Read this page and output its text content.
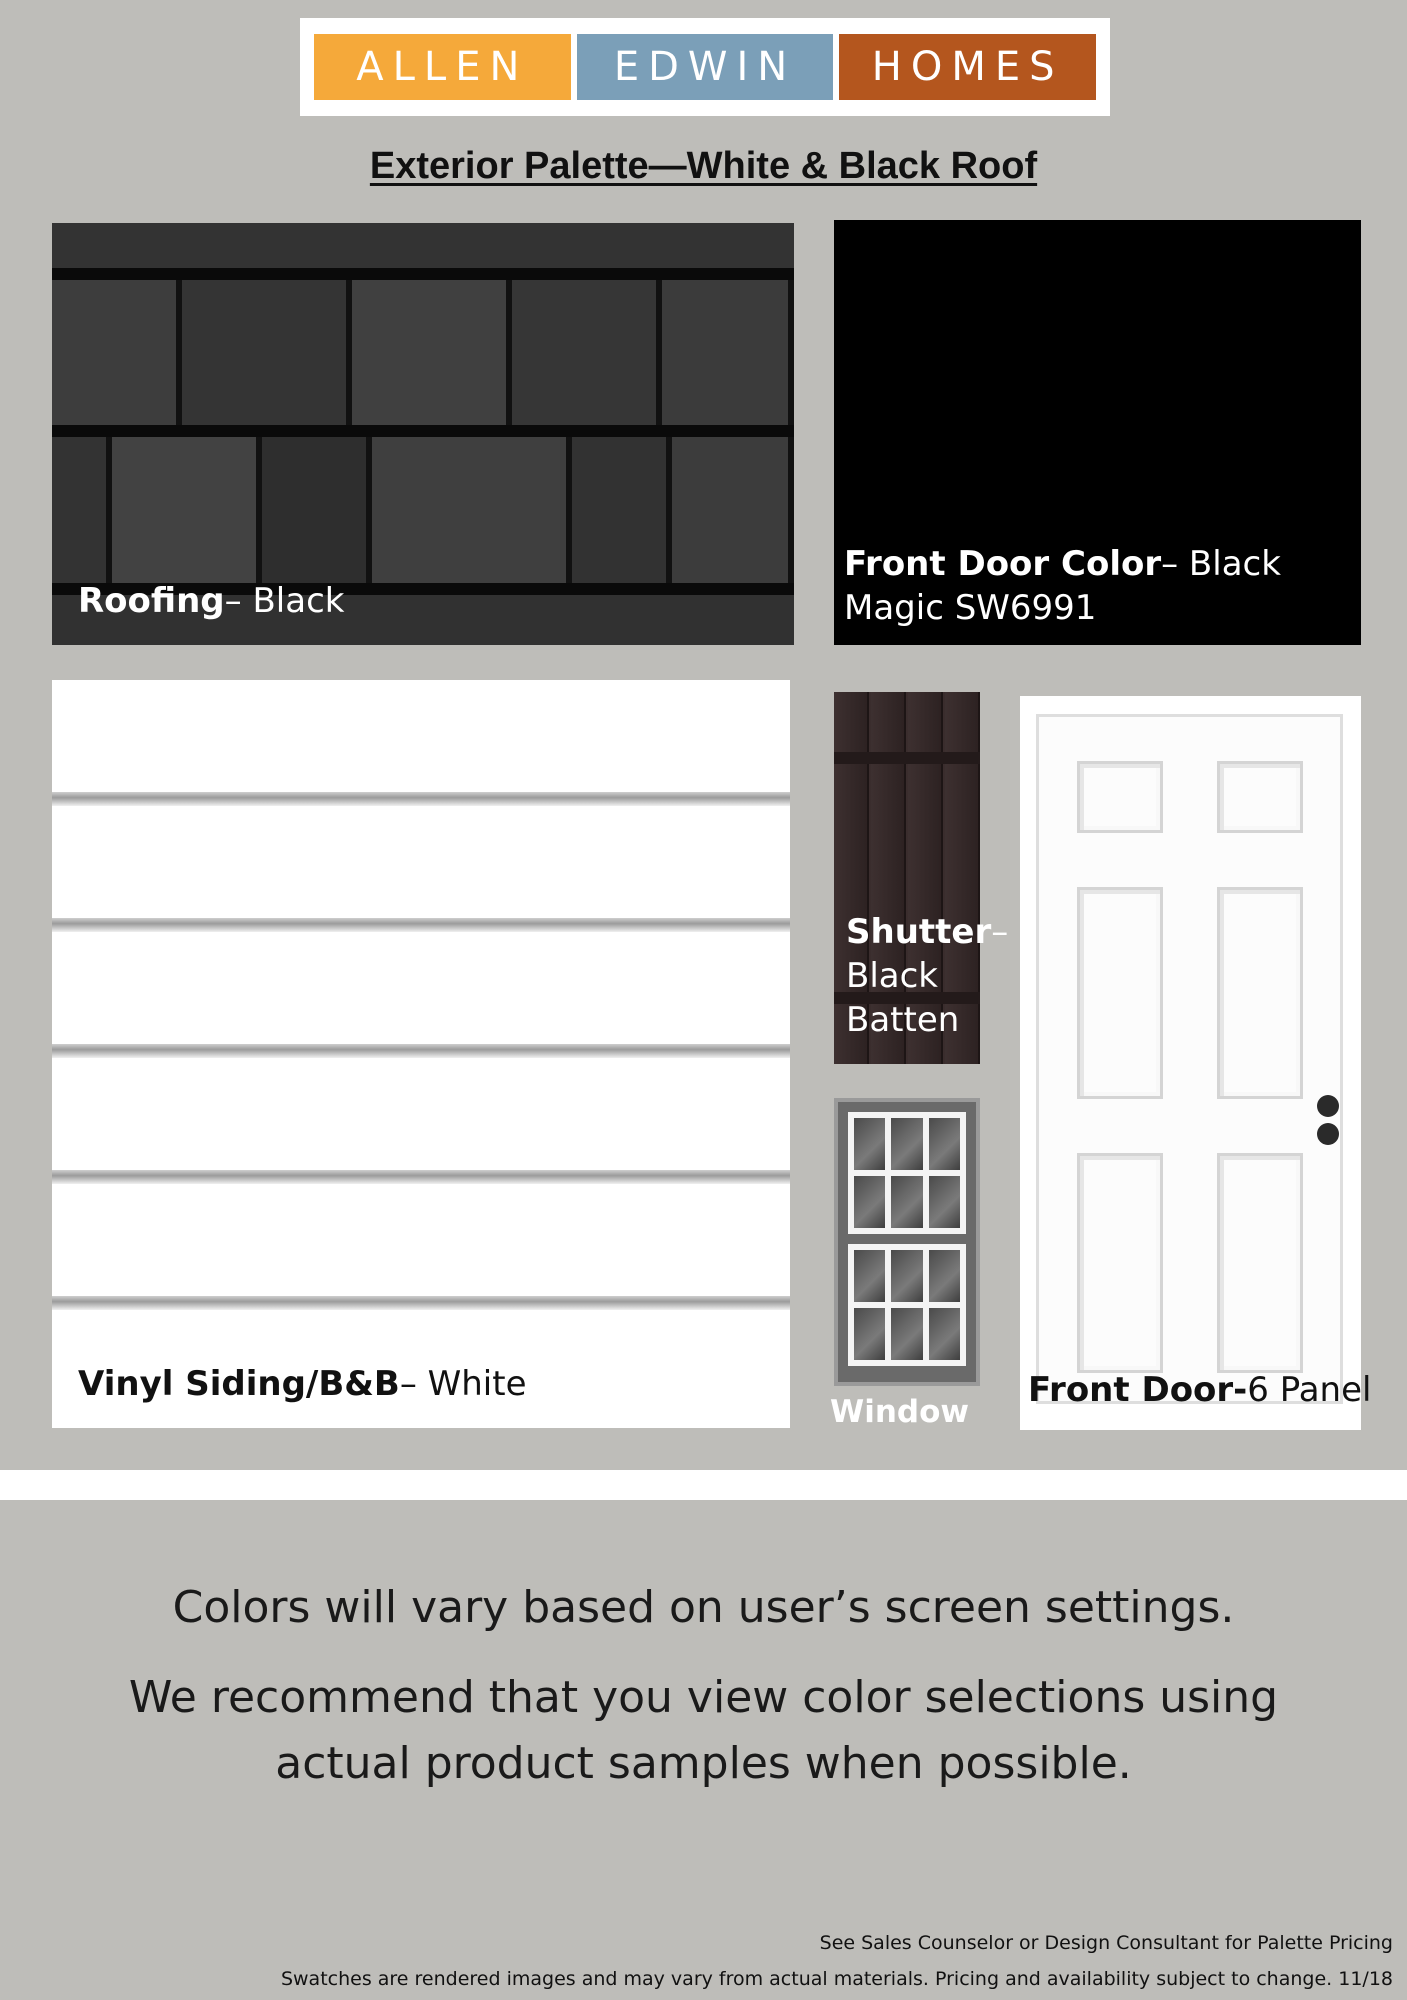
ALLEN	EDWIN	HOMES
Exterior Palette—White & Black Roof
Roofing– Black
Front Door Color– Black Magic SW6991
Vinyl Siding/B&B– White
Shutter–
Black
Batten
Window
Front Door-6 Panel
Colors will vary based on user’s screen settings.
We recommend that you view color selections using
actual product samples when possible.
See Sales Counselor or Design Consultant for Palette Pricing
Swatches are rendered images and may vary from actual materials. Pricing and availability subject to change. 11/18
